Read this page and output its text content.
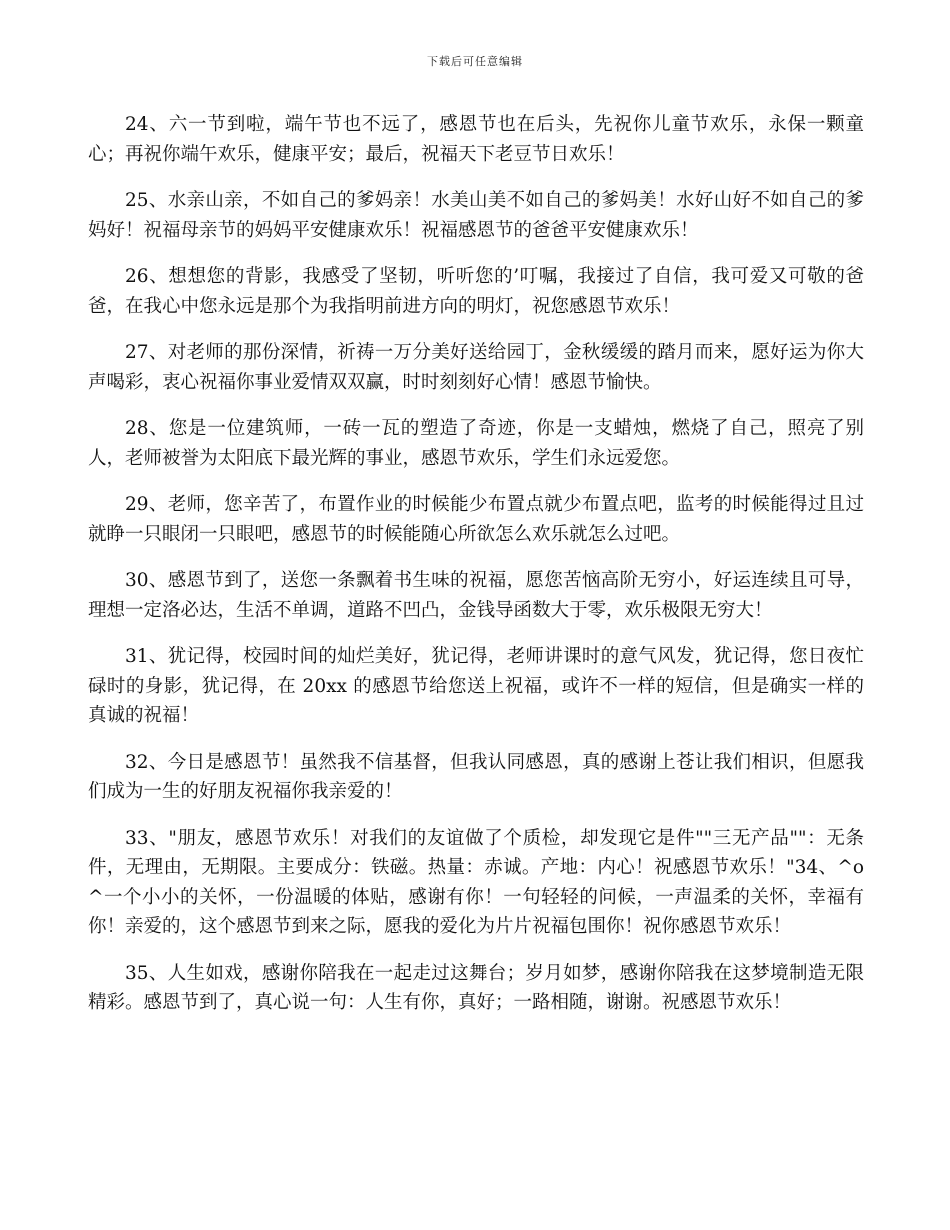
下载后可任意编辑

24、六一节到啦，端午节也不远了，感恩节也在后头，先祝你儿童节欢乐，永保一颗童心；再祝你端午欢乐，健康平安；最后，祝福天下老豆节日欢乐！

25、水亲山亲，不如自己的爹妈亲！水美山美不如自己的爹妈美！水好山好不如自己的爹妈好！祝福母亲节的妈妈平安健康欢乐！祝福感恩节的爸爸平安健康欢乐！

26、想想您的背影，我感受了坚韧，听听您的’叮嘱，我接过了自信，我可爱又可敬的爸爸，在我心中您永远是那个为我指明前进方向的明灯，祝您感恩节欢乐！

27、对老师的那份深情，祈祷一万分美好送给园丁，金秋缓缓的踏月而来，愿好运为你大声喝彩，衷心祝福你事业爱情双双赢，时时刻刻好心情！感恩节愉快。

28、您是一位建筑师，一砖一瓦的塑造了奇迹，你是一支蜡烛，燃烧了自己，照亮了别人，老师被誉为太阳底下最光辉的事业，感恩节欢乐，学生们永远爱您。

29、老师，您辛苦了，布置作业的时候能少布置点就少布置点吧，监考的时候能得过且过就睁一只眼闭一只眼吧，感恩节的时候能随心所欲怎么欢乐就怎么过吧。

30、感恩节到了，送您一条飘着书生味的祝福，愿您苦恼高阶无穷小，好运连续且可导，理想一定洛必达，生活不单调，道路不凹凸，金钱导函数大于零，欢乐极限无穷大！

31、犹记得，校园时间的灿烂美好，犹记得，老师讲课时的意气风发，犹记得，您日夜忙碌时的身影，犹记得，在 20xx 的感恩节给您送上祝福，或许不一样的短信，但是确实一样的真诚的祝福！

32、今日是感恩节！虽然我不信基督，但我认同感恩，真的感谢上苍让我们相识，但愿我们成为一生的好朋友祝福你我亲爱的！

33、"朋友，感恩节欢乐！对我们的友谊做了个质检，却发现它是件""三无产品""：无条件，无理由，无期限。主要成分：铁磁。热量：赤诚。产地：内心！祝感恩节欢乐！"34、^o^一个小小的关怀，一份温暖的体贴，感谢有你！一句轻轻的问候，一声温柔的关怀，幸福有你！亲爱的，这个感恩节到来之际，愿我的爱化为片片祝福包围你！祝你感恩节欢乐！

35、人生如戏，感谢你陪我在一起走过这舞台；岁月如梦，感谢你陪我在这梦境制造无限精彩。感恩节到了，真心说一句：人生有你，真好；一路相随，谢谢。祝感恩节欢乐！
